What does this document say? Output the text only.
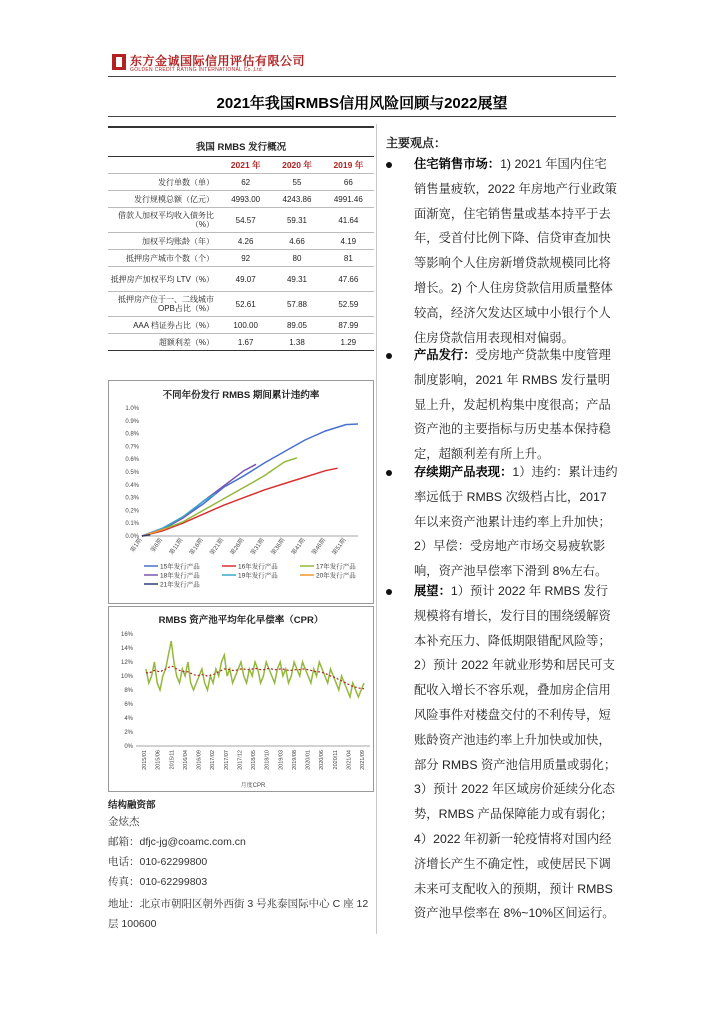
东方金诚国际信用评估有限公司
GOLDEN CREDIT RATING INTERNATIONAL Co.,Ltd.
2021年我国RMBS信用风险回顾与2022展望
我国 RMBS 发行概况
	2021 年	2020 年	2019 年
发行单数（单）	62	55	66
发行规模总额（亿元）	4993.00	4243.86	4991.46
借款人加权平均收入债务比（%）	54.57	59.31	41.64
加权平均账龄（年）	4.26	4.66	4.19
抵押房产城市个数（个）	92	80	81
抵押房产加权平均 LTV（%）	49.07	49.31	47.66
抵押房产位于一、二线城市 OPB占比（%）	52.61	57.88	52.59
AAA 档证券占比（%）	100.00	89.05	87.99
超额利差（%）	1.67	1.38	1.29
不同年份发行 RMBS 期间累计违约率
0.0%
0.1%
0.2%
0.3%
0.4%
0.5%
0.6%
0.7%
0.8%
0.9%
1.0%
第1期 第6期 第11期 第16期 第21期 第26期 第31期 第36期 第41期 第46期 第51期
15年发行产品	16年发行产品	17年发行产品
18年发行产品	19年发行产品	20年发行产品
21年发行产品
RMBS 资产池平均年化早偿率（CPR）
0%
2%
4%
6%
8%
10%
12%
14%
16%
2015/01 2015/06 2015/11 2016/04 2016/09 2017/02 2017/07 2017/12 2018/05 2018/10 2019/03 2019/08 2020/01 2020/06 2020/11 2021/04 2021/09
月度CPR
结构融资部
金炫杰
邮箱：dfjc-jg@coamc.com.cn
电话：010-62299800
传真：010-62299803
地址：北京市朝阳区朝外西街 3 号兆泰国际中心 C 座 12 层 100600
主要观点：
住宅销售市场：1) 2021 年国内住宅销售量疲软，2022 年房地产行业政策面渐宽，住宅销售量或基本持平于去年，受首付比例下降、信贷审查加快等影响个人住房新增贷款规模同比将增长。2) 个人住房贷款信用质量整体较高，经济欠发达区域中小银行个人住房贷款信用表现相对偏弱。
产品发行：受房地产贷款集中度管理制度影响，2021 年 RMBS 发行量明显上升，发起机构集中度很高；产品资产池的主要指标与历史基本保持稳定，超额利差有所上升。
存续期产品表现：1）违约：累计违约率远低于 RMBS 次级档占比，2017 年以来资产池累计违约率上升加快；2）早偿：受房地产市场交易疲软影响，资产池早偿率下滑到 8%左右。
展望：1）预计 2022 年 RMBS 发行规模将有增长，发行目的围绕缓解资本补充压力、降低期限错配风险等；2）预计 2022 年就业形势和居民可支配收入增长不容乐观，叠加房企信用风险事件对楼盘交付的不利传导，短账龄资产池违约率上升加快或加快，部分 RMBS 资产池信用质量或弱化；3）预计 2022 年区域房价延续分化态势，RMBS 产品保障能力或有弱化；4）2022 年初新一轮疫情将对国内经济增长产生不确定性，或使居民下调未来可支配收入的预期，预计 RMBS 资产池早偿率在 8%~10%区间运行。
